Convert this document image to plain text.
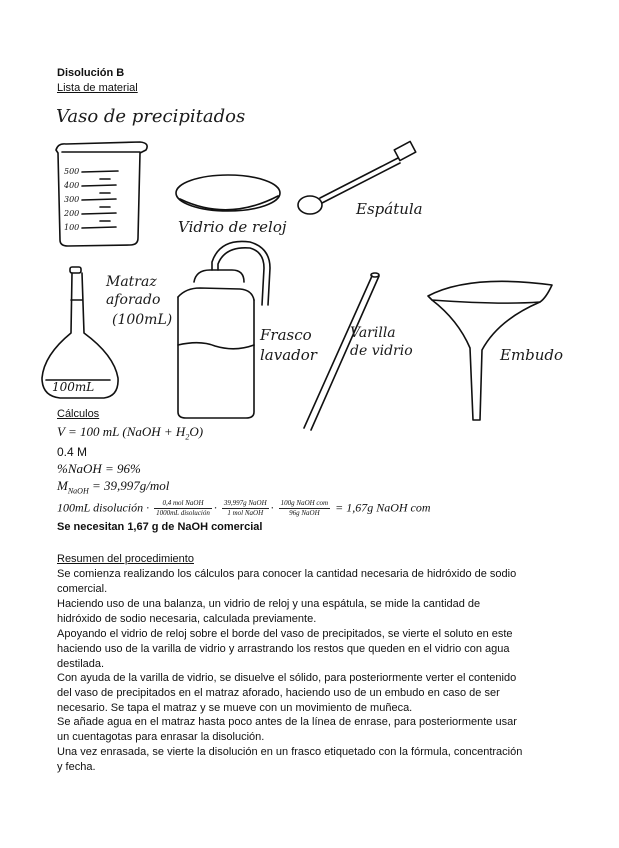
Disolución B
Lista de material
Vaso de precipitados
500
400
300
200
100
100mL
Vidrio de reloj
Espátula
Matraz
aforado
(100mL)
Frasco
lavador
Varilla
de vidrio	Embudo
Cálculos
V = 100 mL (NaOH + $H_2O$)
0.4 M
%NaOH = 96%
$M_{NaOH} = 39,997g/mol$
100mL disolución · $\frac{\text{0,4 mol NaOH}}{\text{1000mL disolución}} \cdot \frac{\text{39,997g NaOH}}{\text{1 mol NaOH}} \cdot \frac{\text{100g NaOH com}}{\text{96g NaOH}} = 1,67g$ NaOH com
Se necesitan 1,67 g de NaOH comercial
Resumen del procedimiento
Se comienza realizando los cálculos para conocer la cantidad necesaria de hidróxido de sodio comercial.
Haciendo uso de una balanza, un vidrio de reloj y una espátula, se mide la cantidad de hidróxido de sodio necesaria, calculada previamente.
Apoyando el vidrio de reloj sobre el borde del vaso de precipitados, se vierte el soluto en este haciendo uso de la varilla de vidrio y arrastrando los restos que queden en el vidrio con agua destilada.
Con ayuda de la varilla de vidrio, se disuelve el sólido, para posteriormente verter el contenido del vaso de precipitados en el matraz aforado, haciendo uso de un embudo en caso de ser necesario. Se tapa el matraz y se mueve con un movimiento de muñeca.
Se añade agua en el matraz hasta poco antes de la línea de enrase, para posteriormente usar un cuentagotas para enrasar la disolución.
Una vez enrasada, se vierte la disolución en un frasco etiquetado con la fórmula, concentración y fecha.
